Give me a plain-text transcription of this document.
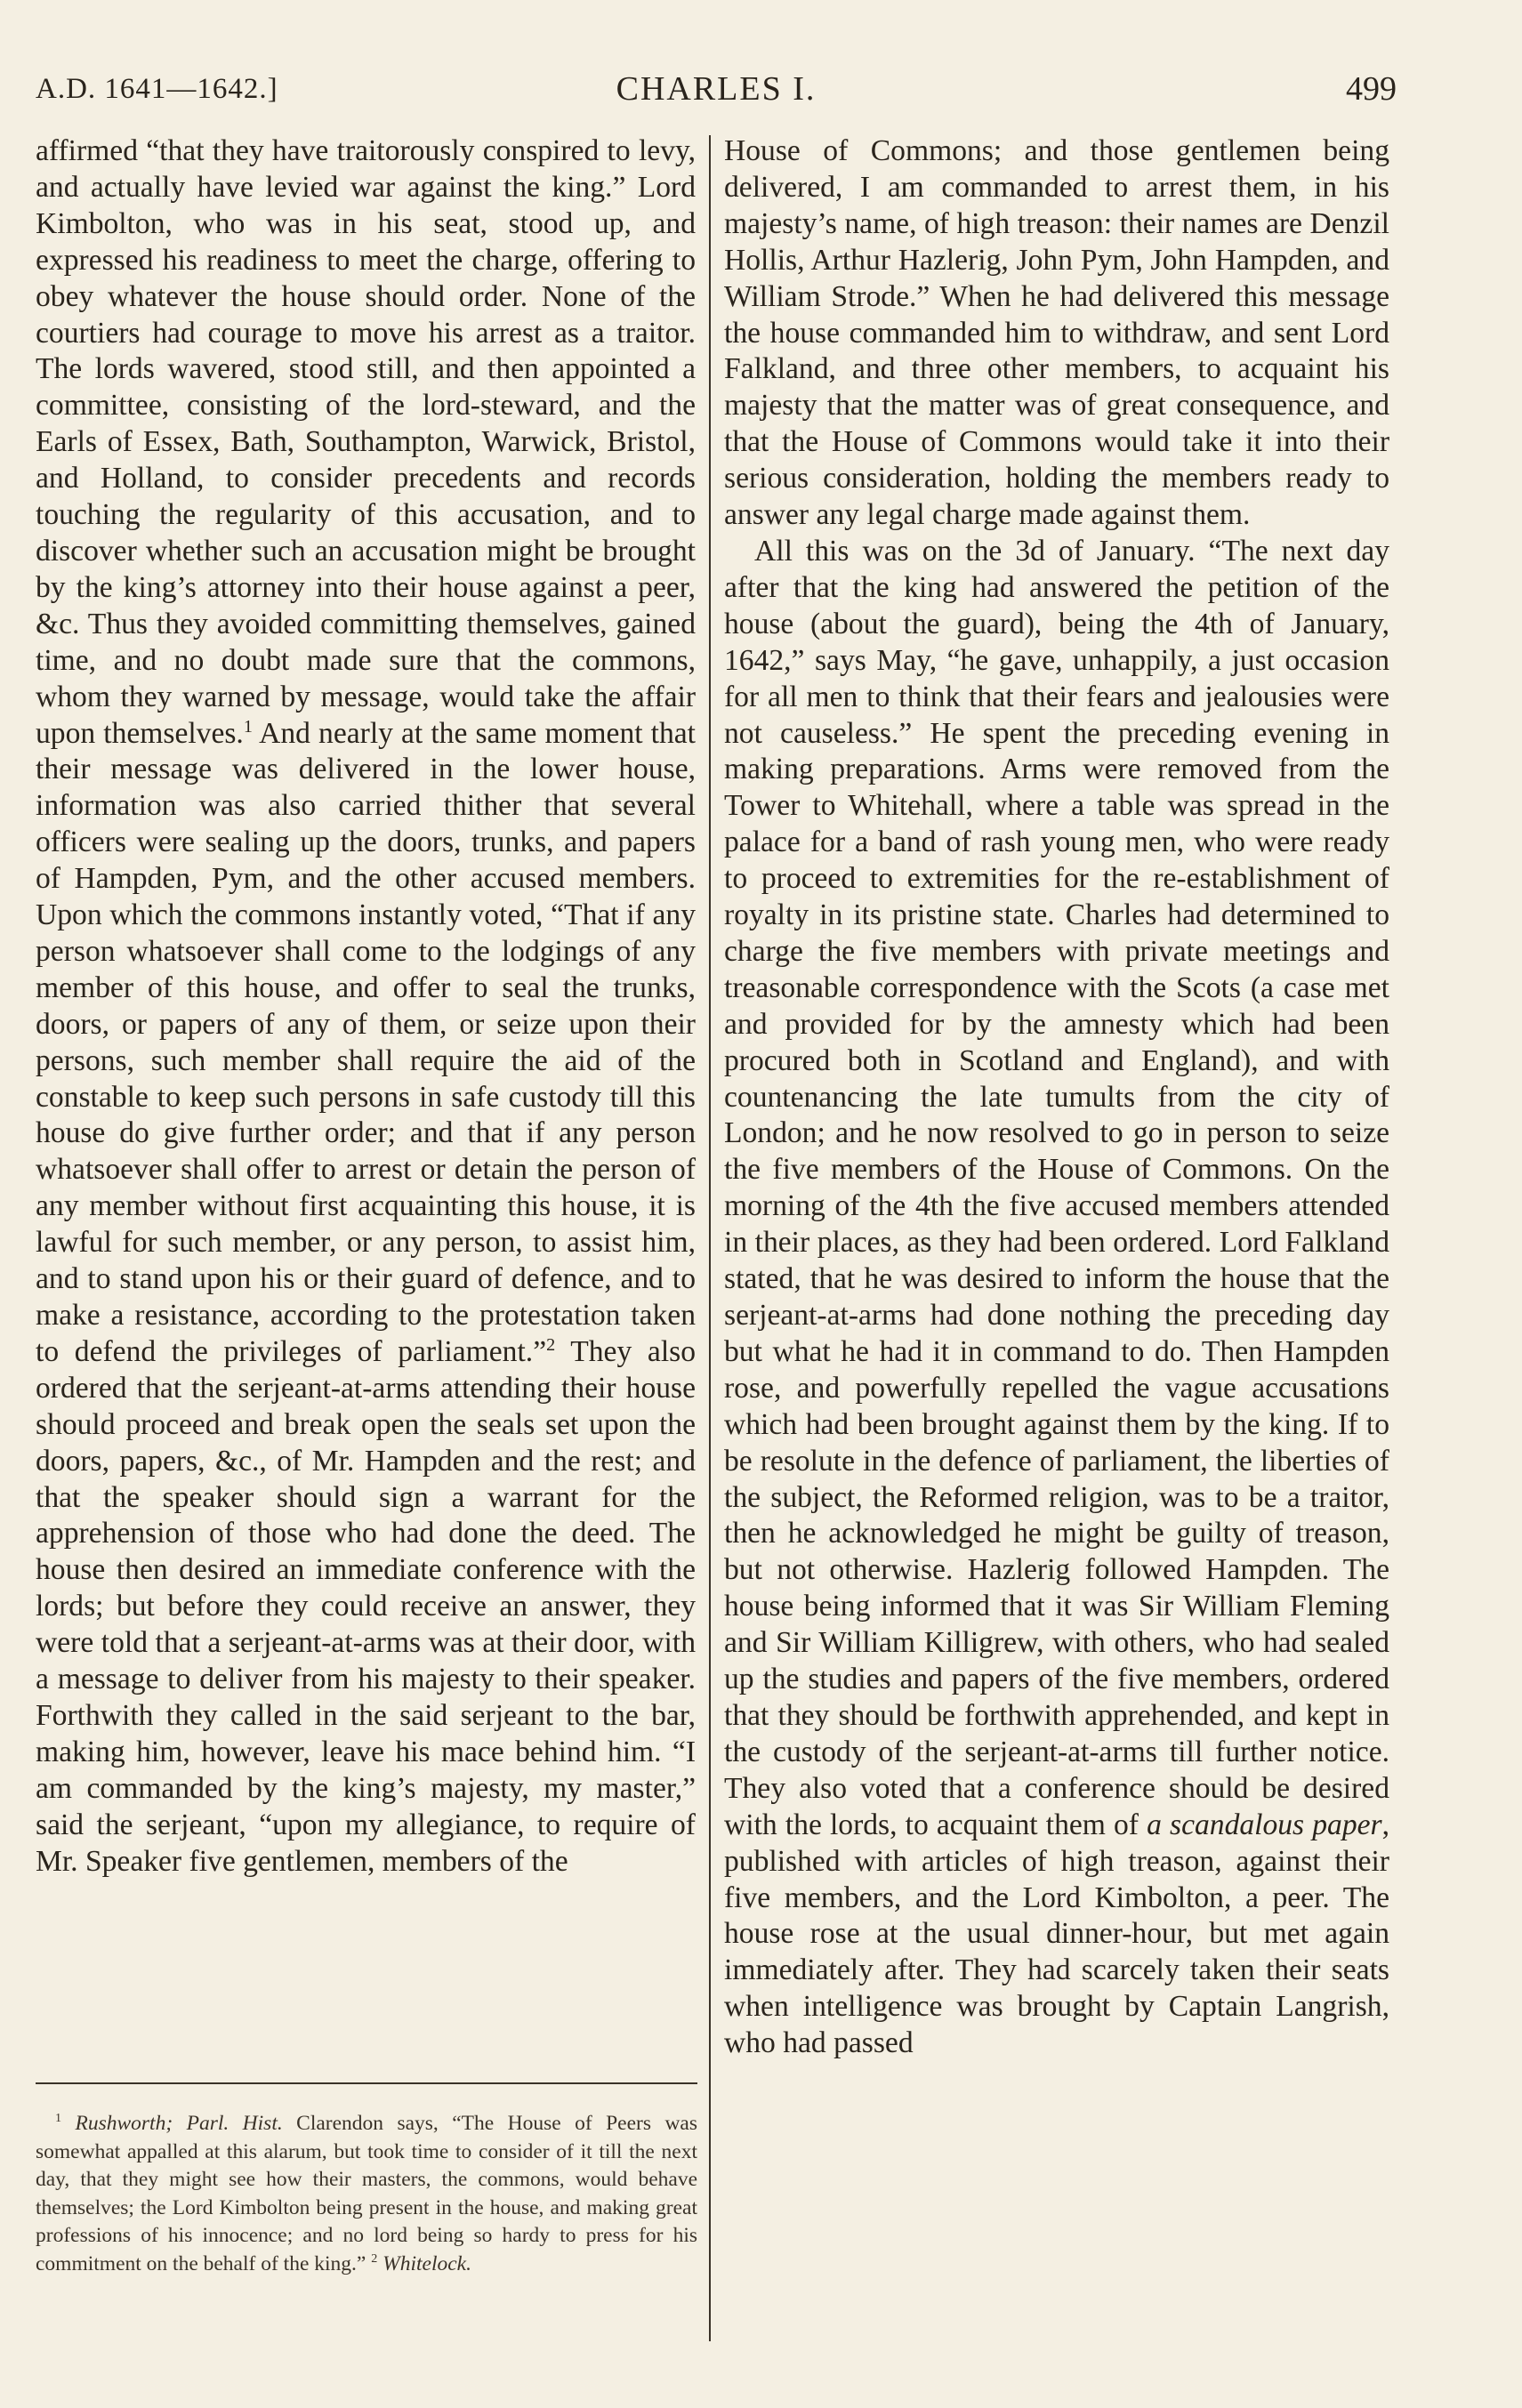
A.D. 1641—1642.]	CHARLES I.	499

affirmed “that they have traitorously conspired to levy, and actually have levied war against the king.” Lord Kimbolton, who was in his seat, stood up, and expressed his readiness to meet the charge, offering to obey whatever the house should order. None of the courtiers had courage to move his arrest as a traitor. The lords wavered, stood still, and then appointed a committee, consisting of the lord-steward, and the Earls of Essex, Bath, Southampton, Warwick, Bristol, and Holland, to consider precedents and records touching the regularity of this accusation, and to discover whether such an accusation might be brought by the king’s attorney into their house against a peer, &c. Thus they avoided committing themselves, gained time, and no doubt made sure that the commons, whom they warned by message, would take the affair upon themselves.$^1$ And nearly at the same moment that their message was delivered in the lower house, information was also carried thither that several officers were sealing up the doors, trunks, and papers of Hampden, Pym, and the other accused members. Upon which the commons instantly voted, “That if any person whatsoever shall come to the lodgings of any member of this house, and offer to seal the trunks, doors, or papers of any of them, or seize upon their persons, such member shall require the aid of the constable to keep such persons in safe custody till this house do give further order; and that if any person whatsoever shall offer to arrest or detain the person of any member without first acquainting this house, it is lawful for such member, or any person, to assist him, and to stand upon his or their guard of defence, and to make a resistance, according to the protestation taken to defend the privileges of parliament.”$^2$ They also ordered that the serjeant-at-arms attending their house should proceed and break open the seals set upon the doors, papers, &c., of Mr. Hampden and the rest; and that the speaker should sign a warrant for the apprehension of those who had done the deed. The house then desired an immediate conference with the lords; but before they could receive an answer, they were told that a serjeant-at-arms was at their door, with a message to deliver from his majesty to their speaker. Forthwith they called in the said serjeant to the bar, making him, however, leave his mace behind him. “I am commanded by the king’s majesty, my master,” said the serjeant, “upon my allegiance, to require of Mr. Speaker five gentlemen, members of the

House of Commons; and those gentlemen being delivered, I am commanded to arrest them, in his majesty’s name, of high treason: their names are Denzil Hollis, Arthur Hazlerig, John Pym, John Hampden, and William Strode.” When he had delivered this message the house commanded him to withdraw, and sent Lord Falkland, and three other members, to acquaint his majesty that the matter was of great consequence, and that the House of Commons would take it into their serious consideration, holding the members ready to answer any legal charge made against them.

All this was on the 3d of January. “The next day after that the king had answered the petition of the house (about the guard), being the 4th of January, 1642,” says May, “he gave, unhappily, a just occasion for all men to think that their fears and jealousies were not causeless.” He spent the preceding evening in making preparations. Arms were removed from the Tower to Whitehall, where a table was spread in the palace for a band of rash young men, who were ready to proceed to extremities for the re-establishment of royalty in its pristine state. Charles had determined to charge the five members with private meetings and treasonable correspondence with the Scots (a case met and provided for by the amnesty which had been procured both in Scotland and England), and with countenancing the late tumults from the city of London; and he now resolved to go in person to seize the five members of the House of Commons. On the morning of the 4th the five accused members attended in their places, as they had been ordered. Lord Falkland stated, that he was desired to inform the house that the serjeant-at-arms had done nothing the preceding day but what he had it in command to do. Then Hampden rose, and powerfully repelled the vague accusations which had been brought against them by the king. If to be resolute in the defence of parliament, the liberties of the subject, the Reformed religion, was to be a traitor, then he acknowledged he might be guilty of treason, but not otherwise. Hazlerig followed Hampden. The house being informed that it was Sir William Fleming and Sir William Killigrew, with others, who had sealed up the studies and papers of the five members, ordered that they should be forthwith apprehended, and kept in the custody of the serjeant-at-arms till further notice. They also voted that a conference should be desired with the lords, to acquaint them of a scandalous paper, published with articles of high treason, against their five members, and the Lord Kimbolton, a peer. The house rose at the usual dinner-hour, but met again immediately after. They had scarcely taken their seats when intelligence was brought by Captain Langrish, who had passed

$^1$ Rushworth; Parl. Hist. Clarendon says, “The House of Peers was somewhat appalled at this alarum, but took time to consider of it till the next day, that they might see how their masters, the commons, would behave themselves; the Lord Kimbolton being present in the house, and making great professions of his innocence; and no lord being so hardy to press for his commitment on the behalf of the king.” $^2$ Whitelock.
